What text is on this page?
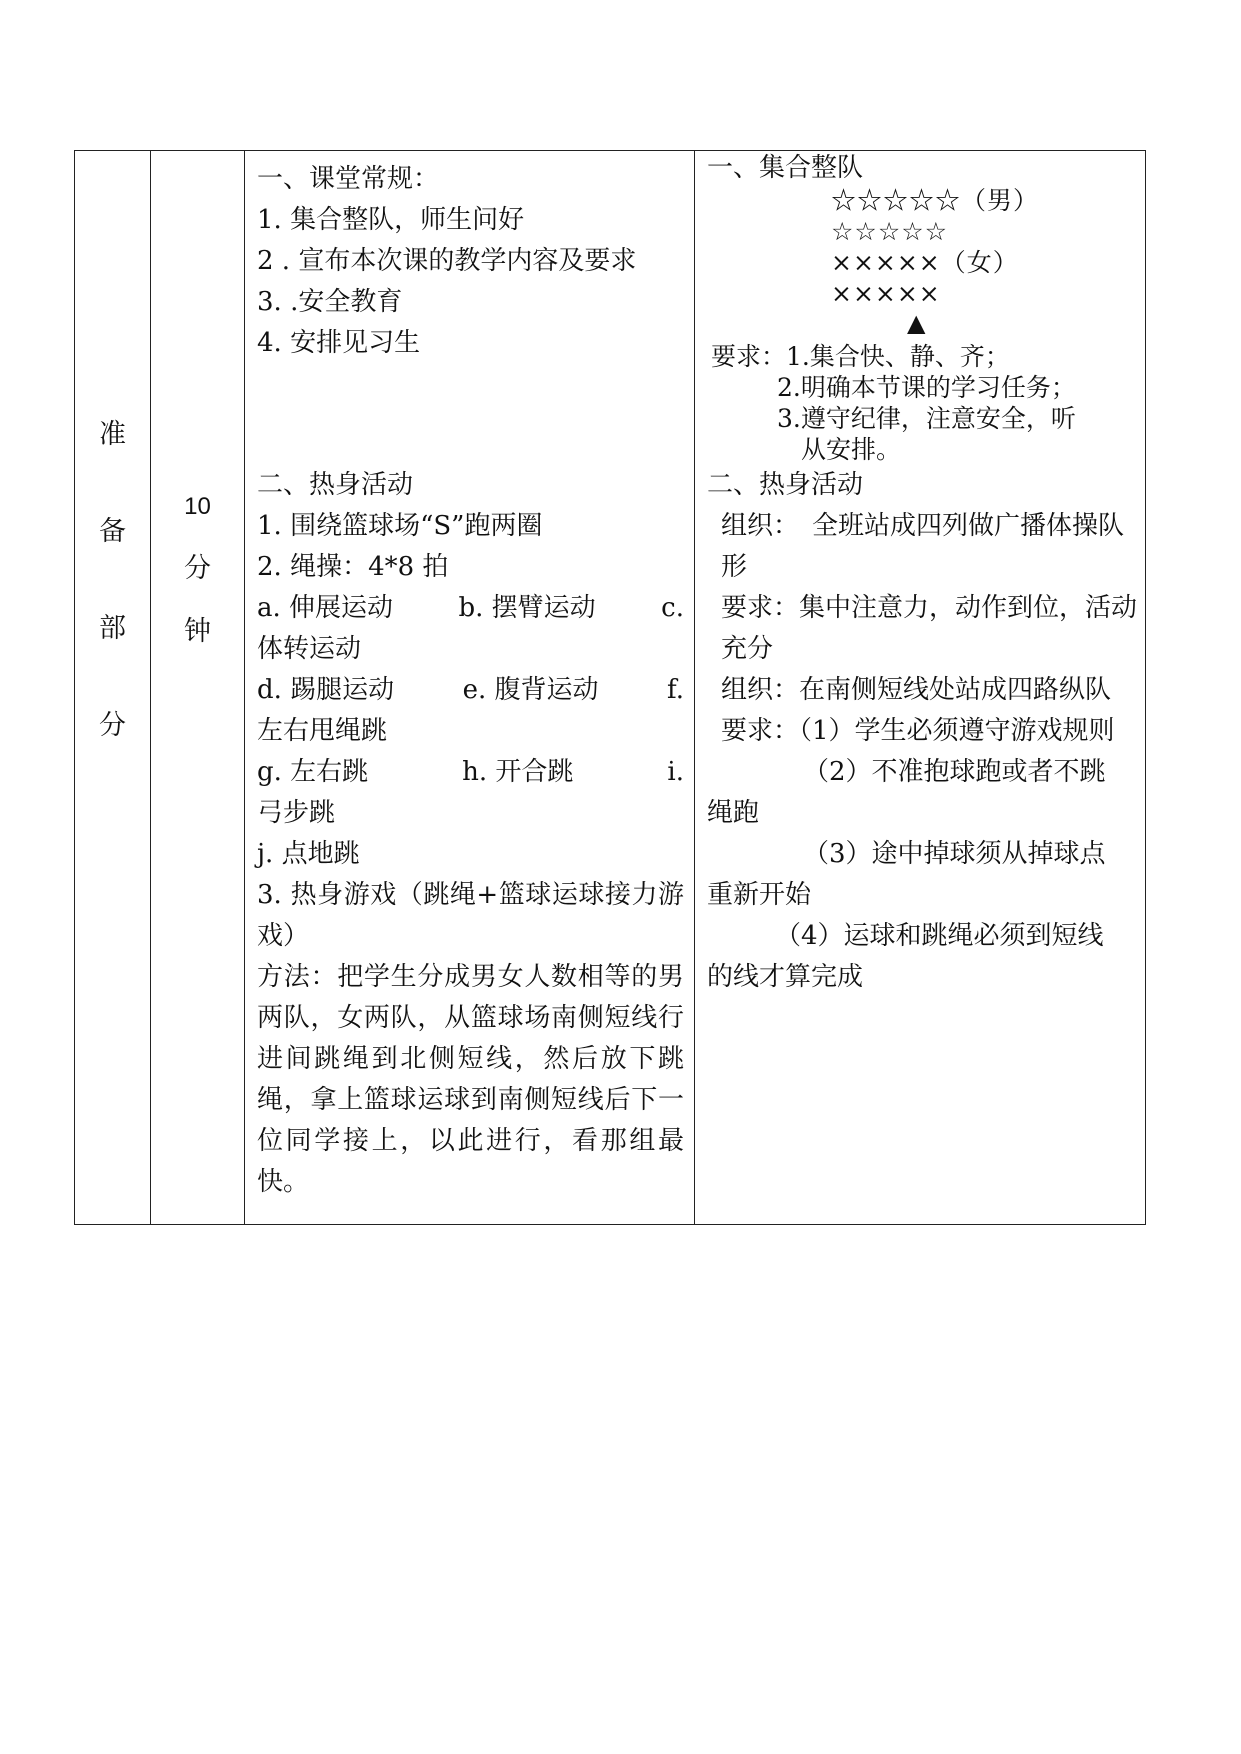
准
备
部
分

10
分
钟

一、课堂常规：
1. 集合整队，师生问好
2 . 宣布本次课的教学内容及要求
3. .安全教育
4. 安排见习生
二、热身活动
1. 围绕篮球场“S”跑两圈
2. 绳操：4*8 拍
a. 伸展运动	b. 摆臂运动	c.
体转运动
d. 踢腿运动	e. 腹背运动	f.
左右甩绳跳
g. 左右跳	h. 开合跳	i.
弓步跳
j. 点地跳
3. 热身游戏（跳绳+篮球运球接力游戏）
方法：把学生分成男女人数相等的男两队，女两队，从篮球场南侧短线行进间跳绳到北侧短线，然后放下跳绳，拿上篮球运球到南侧短线后下一位同学接上，以此进行，看那组最快。

一、集合整队
☆☆☆☆☆（男）
☆☆☆☆☆
×××××（女）
×××××
▲
要求：1.集合快、静、齐；
2.明确本节课的学习任务；
3.遵守纪律，注意安全，听
从安排。
二、热身活动
组织：　全班站成四列做广播体操队形
要求：集中注意力，动作到位，活动充分
组织：在南侧短线处站成四路纵队
要求：（1）学生必须遵守游戏规则
（2）不准抱球跑或者不跳
绳跑
（3）途中掉球须从掉球点
重新开始
（4）运球和跳绳必须到短线
的线才算完成
